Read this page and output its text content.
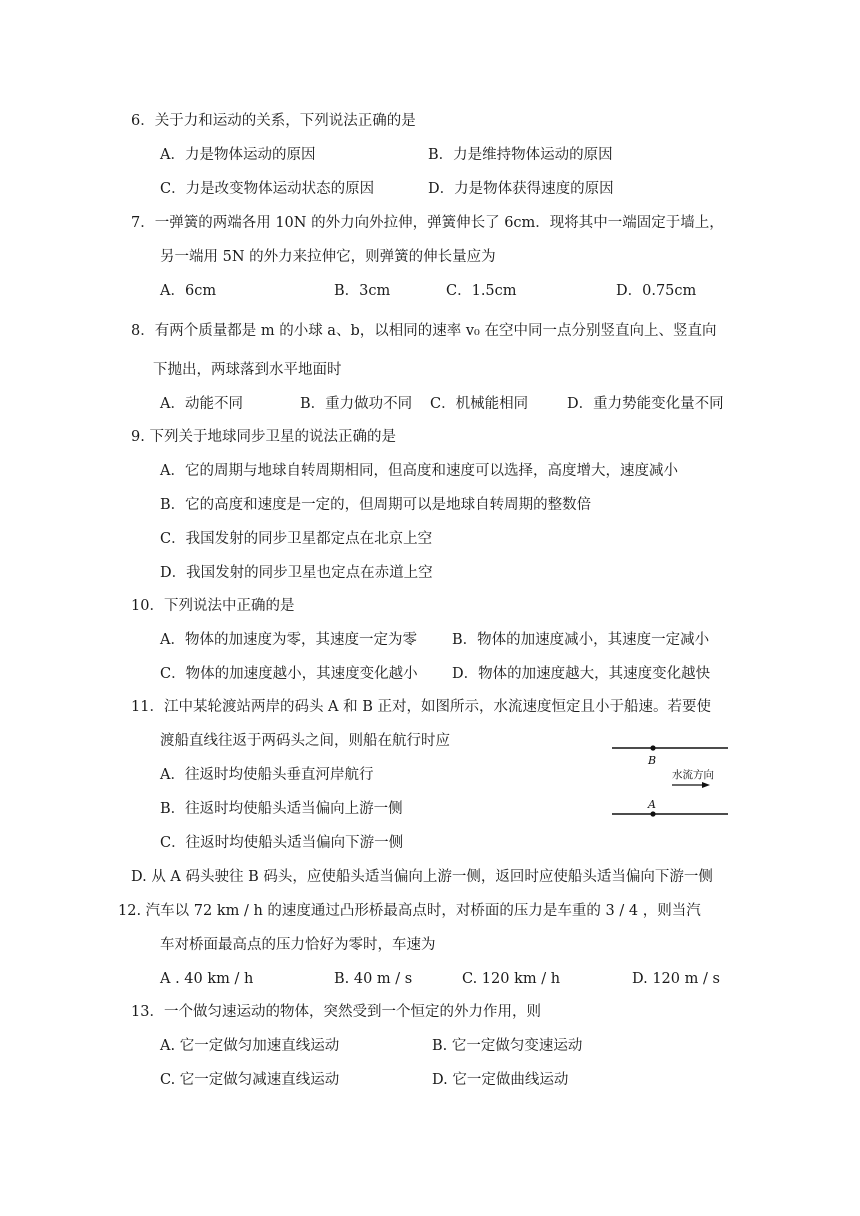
6．关于力和运动的关系，下列说法正确的是
A．力是物体运动的原因	B．力是维持物体运动的原因
C．力是改变物体运动状态的原因	D．力是物体获得速度的原因
7．一弹簧的两端各用 10N 的外力向外拉伸，弹簧伸长了 6cm．现将其中一端固定于墙上，
另一端用 5N 的外力来拉伸它，则弹簧的伸长量应为
A．6cm	B．3cm	C．1.5cm	D．0.75cm
8．有两个质量都是 m 的小球 a、b，以相同的速率 v₀ 在空中同一点分别竖直向上、竖直向
下抛出，两球落到水平地面时
A．动能不同	B．重力做功不同 C．机械能相同	D．重力势能变化量不同
9. 下列关于地球同步卫星的说法正确的是
A．它的周期与地球自转周期相同，但高度和速度可以选择，高度增大，速度减小
B．它的高度和速度是一定的，但周期可以是地球自转周期的整数倍
C．我国发射的同步卫星都定点在北京上空
D．我国发射的同步卫星也定点在赤道上空
10．下列说法中正确的是
A．物体的加速度为零，其速度一定为零 B．物体的加速度减小，其速度一定减小
C．物体的加速度越小，其速度变化越小 D．物体的加速度越大，其速度变化越快
11．江中某轮渡站两岸的码头 A 和 B 正对，如图所示，水流速度恒定且小于船速。若要使
渡船直线往返于两码头之间，则船在航行时应
A．往返时均使船头垂直河岸航行
B．往返时均使船头适当偏向上游一侧
C．往返时均使船头适当偏向下游一侧
D. 从 A 码头驶往 B 码头，应使船头适当偏向上游一侧，返回时应使船头适当偏向下游一侧
B
水流方向
A
12. 汽车以 72 km / h 的速度通过凸形桥最高点时，对桥面的压力是车重的 3 / 4 ，则当汽
车对桥面最高点的压力恰好为零时，车速为
A . 40 km / h	B. 40 m / s	C. 120 km / h	D. 120 m / s
13．一个做匀速运动的物体，突然受到一个恒定的外力作用，则
A. 它一定做匀加速直线运动	B. 它一定做匀变速运动
C. 它一定做匀减速直线运动	D. 它一定做曲线运动
